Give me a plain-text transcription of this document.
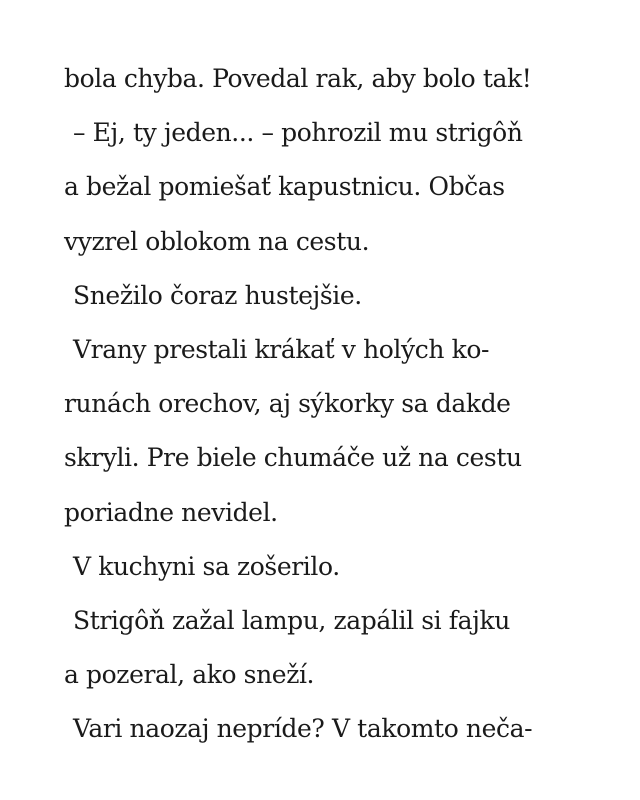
bola chyba. Povedal rak, aby bolo tak!
– Ej, ty jeden... – pohrozil mu strigôň
a bežal pomiešať kapustnicu. Občas
vyzrel oblokom na cestu.
Snežilo čoraz hustejšie.
Vrany prestali krákať v holých ko-
runách orechov, aj sýkorky sa dakde
skryli. Pre biele chumáče už na cestu
poriadne nevidel.
V kuchyni sa zošerilo.
Strigôň zažal lampu, zapálil si fajku
a pozeral, ako sneží.
Vari naozaj nepríde? V takomto neča-
